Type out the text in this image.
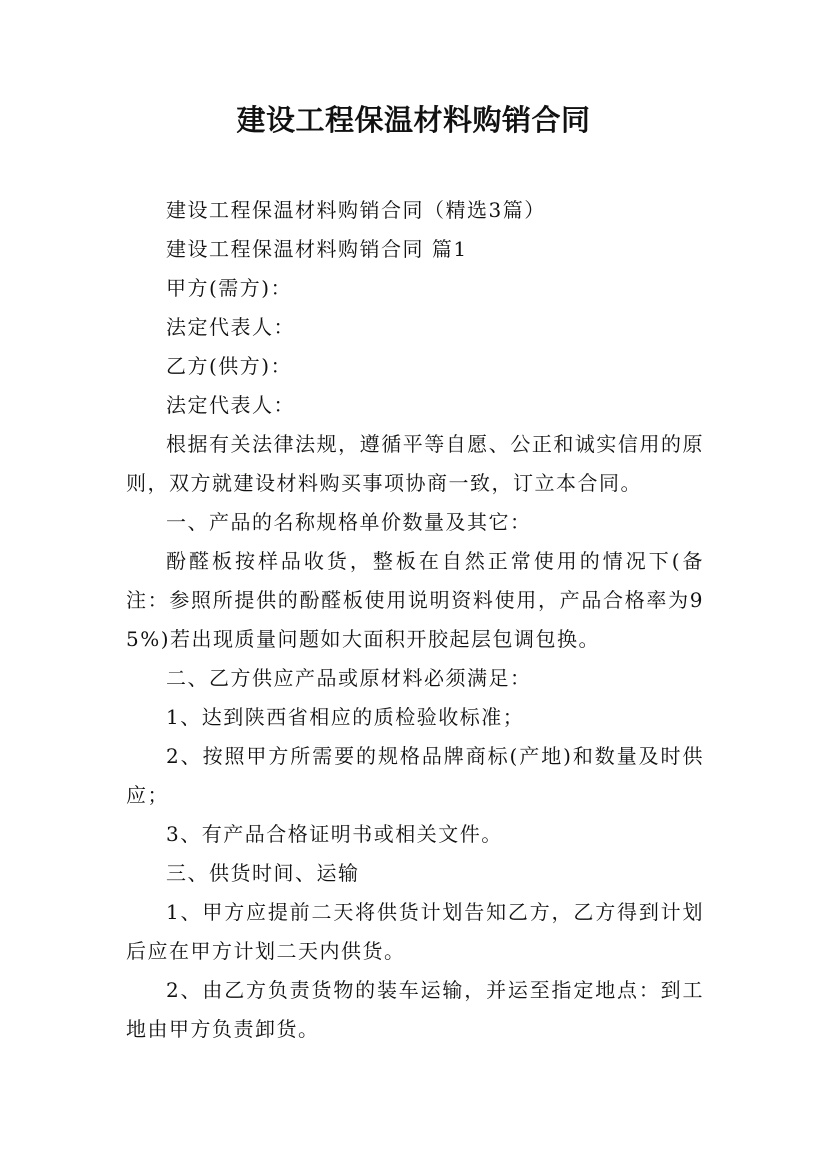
建设工程保温材料购销合同

建设工程保温材料购销合同（精选3篇）

建设工程保温材料购销合同 篇1

甲方(需方)：

法定代表人：

乙方(供方)：

法定代表人：

根据有关法律法规，遵循平等自愿、公正和诚实信用的原则，双方就建设材料购买事项协商一致，订立本合同。

一、产品的名称规格单价数量及其它：

酚醛板按样品收货，整板在自然正常使用的情况下(备注：参照所提供的酚醛板使用说明资料使用，产品合格率为95%)若出现质量问题如大面积开胶起层包调包换。

二、乙方供应产品或原材料必须满足：

1、达到陕西省相应的质检验收标准；

2、按照甲方所需要的规格品牌商标(产地)和数量及时供应；

3、有产品合格证明书或相关文件。

三、供货时间、运输

1、甲方应提前二天将供货计划告知乙方，乙方得到计划后应在甲方计划二天内供货。

2、由乙方负责货物的装车运输，并运至指定地点：到工地由甲方负责卸货。
